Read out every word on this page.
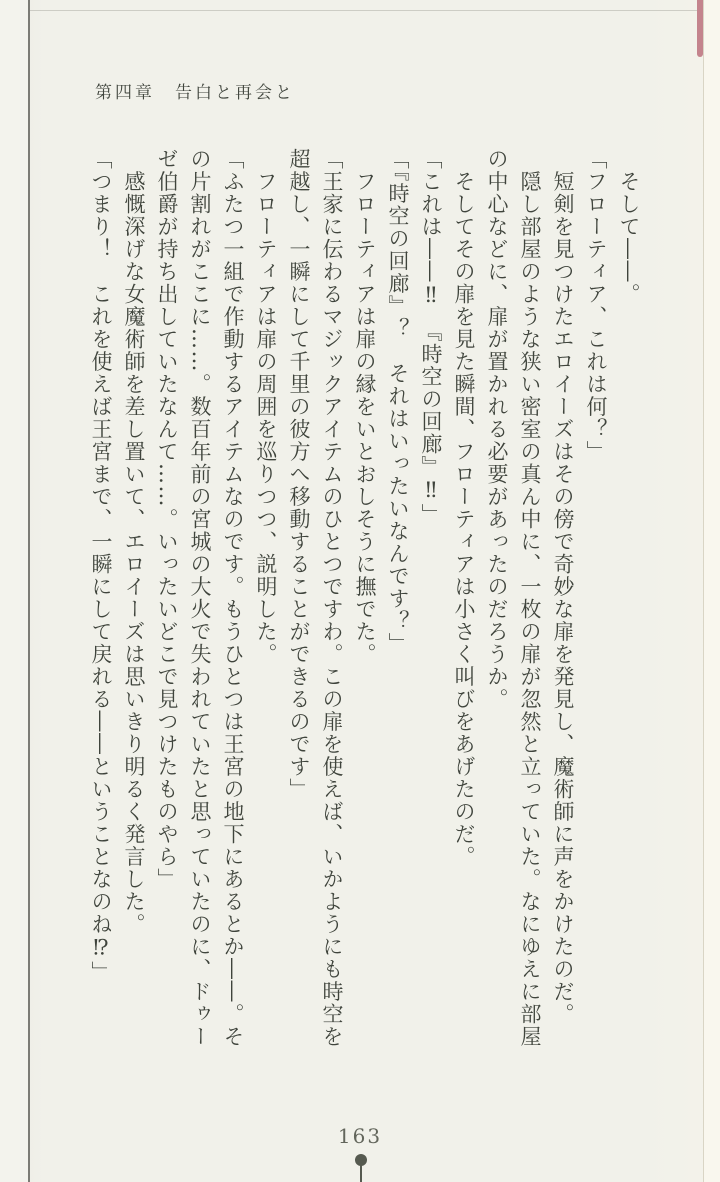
第四章　告白と再会と
　そして――。
「フローティア、これは何？」
　短剣を見つけたエロイーズはその傍で奇妙な扉を発見し、魔術師に声をかけたのだ。
　隠し部屋のような狭い密室の真ん中に、一枚の扉が忽然と立っていた。なにゆえに部屋
の中心などに、扉が置かれる必要があったのだろうか。
　そしてその扉を見た瞬間、フローティアは小さく叫びをあげたのだ。
「これは――‼　『時空の回廊』‼」
「『時空の回廊』？　それはいったいなんです？」
　フローティアは扉の縁をいとおしそうに撫でた。
「王家に伝わるマジックアイテムのひとつですわ。この扉を使えば、いかようにも時空を
超越し、一瞬にして千里の彼方へ移動することができるのです」
　フローティアは扉の周囲を巡りつつ、説明した。
「ふたつ一組で作動するアイテムなのです。もうひとつは王宮の地下にあるとか――。そ
の片割れがここに……。数百年前の宮城の大火で失われていたと思っていたのに、ドゥー
ゼ伯爵が持ち出していたなんて……。いったいどこで見つけたものやら」
　感慨深げな女魔術師を差し置いて、エロイーズは思いきり明るく発言した。
「つまり！　これを使えば王宮まで、一瞬にして戻れる――ということなのね⁉」
163
